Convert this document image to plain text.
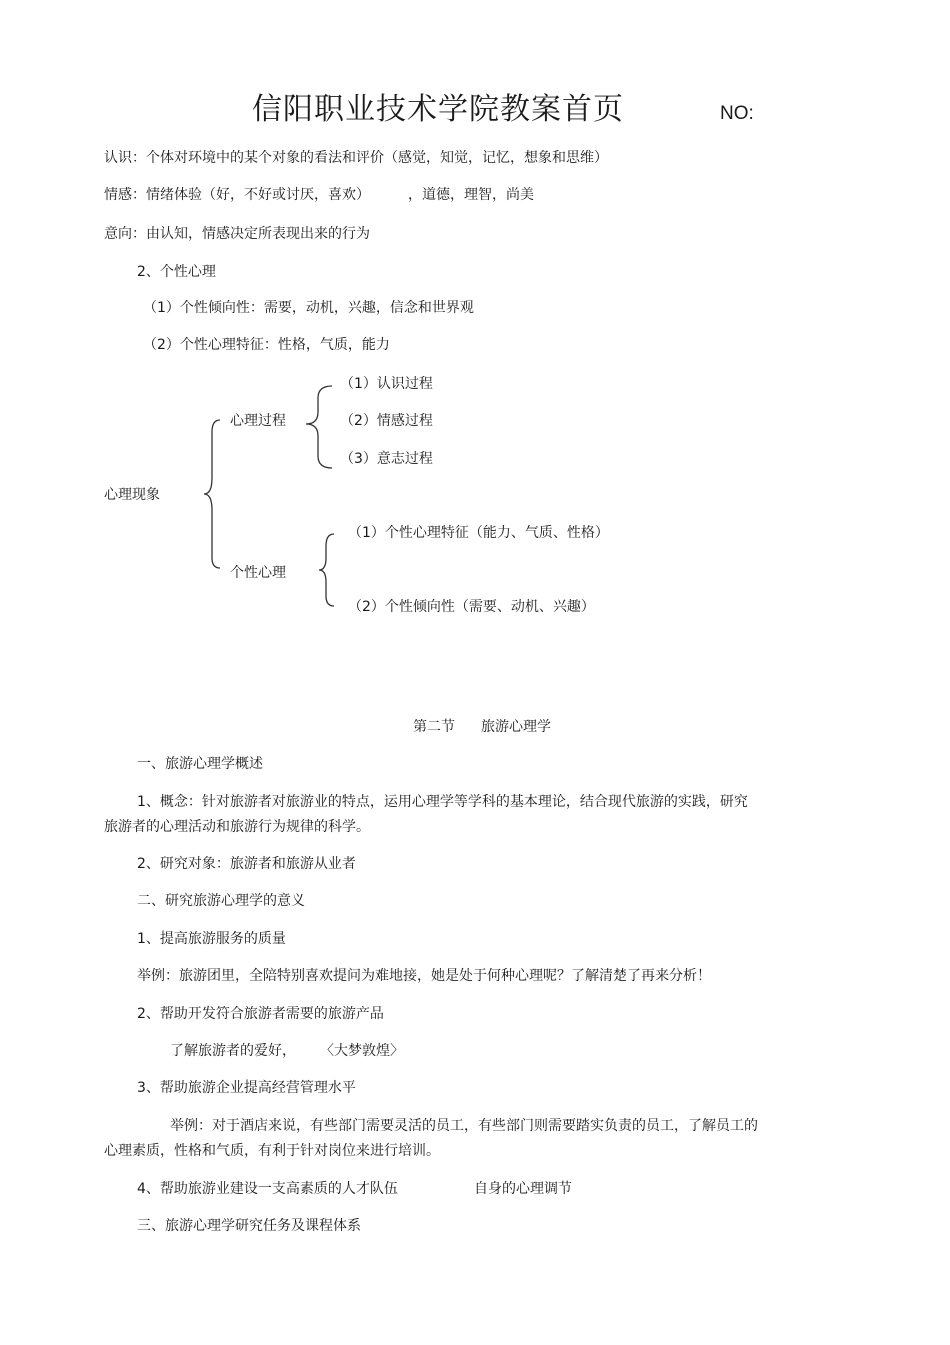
信阳职业技术学院教案首页	NO:
认识：个体对环境中的某个对象的看法和评价（感觉，知觉，记忆，想象和思维）
情感：情绪体验（好，不好或讨厌，喜欢）	，道德，理智，尚美
意向：由认知，情感决定所表现出来的行为
2、个性心理
（1）个性倾向性：需要，动机，兴趣，信念和世界观
（2）个性心理特征：性格，气质，能力
心理现象
心理过程
（1）认识过程
（2）情感过程
（3）意志过程
个性心理
（1）个性心理特征（能力、气质、性格）
（2）个性倾向性（需要、动机、兴趣）
第二节 旅游心理学
一、旅游心理学概述
1、概念：针对旅游者对旅游业的特点，运用心理学等学科的基本理论，结合现代旅游的实践，研究
旅游者的心理活动和旅游行为规律的科学。
2、研究对象：旅游者和旅游从业者
二、研究旅游心理学的意义
1、提高旅游服务的质量
举例：旅游团里，全陪特别喜欢提问为难地接，她是处于何种心理呢？了解清楚了再来分析！
2、帮助开发符合旅游者需要的旅游产品
了解旅游者的爱好， 〈大梦敦煌〉
3、帮助旅游企业提高经营管理水平
举例：对于酒店来说，有些部门需要灵活的员工，有些部门则需要踏实负责的员工，了解员工的
心理素质，性格和气质，有利于针对岗位来进行培训。
4、帮助旅游业建设一支高素质的人才队伍	自身的心理调节
三、旅游心理学研究任务及课程体系
